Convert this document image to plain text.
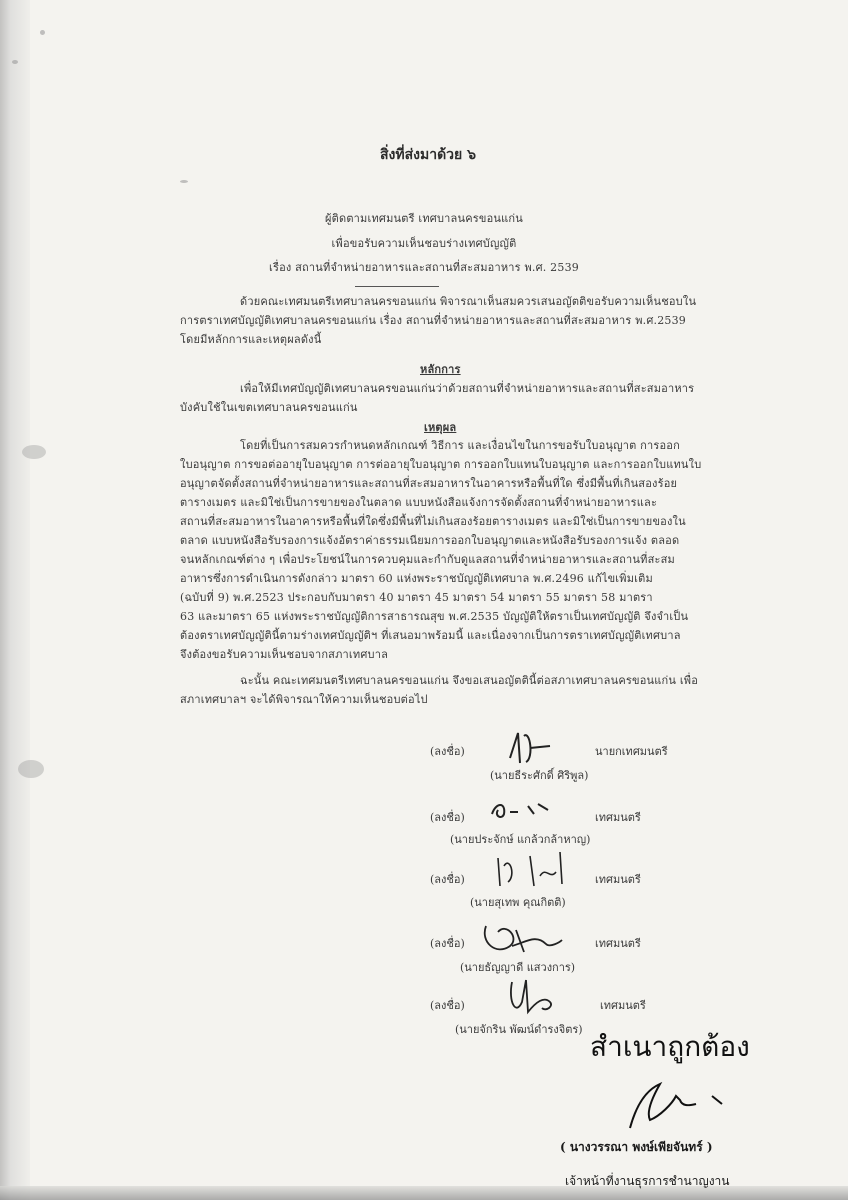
สิ่งที่ส่งมาด้วย ๖
ผู้ติดตามเทศมนตรี เทศบาลนครขอนแก่น
เพื่อขอรับความเห็นชอบร่างเทศบัญญัติ
เรื่อง สถานที่จำหน่ายอาหารและสถานที่สะสมอาหาร พ.ศ. 2539
ด้วยคณะเทศมนตรีเทศบาลนครขอนแก่น พิจารณาเห็นสมควรเสนอญัตติขอรับความเห็นชอบใน
การตราเทศบัญญัติเทศบาลนครขอนแก่น เรื่อง สถานที่จำหน่ายอาหารและสถานที่สะสมอาหาร พ.ศ.2539
โดยมีหลักการและเหตุผลดังนี้
หลักการ
เพื่อให้มีเทศบัญญัติเทศบาลนครขอนแก่นว่าด้วยสถานที่จำหน่ายอาหารและสถานที่สะสมอาหาร
บังคับใช้ในเขตเทศบาลนครขอนแก่น
เหตุผล
โดยที่เป็นการสมควรกำหนดหลักเกณฑ์ วิธีการ และเงื่อนไขในการขอรับใบอนุญาต การออก
ใบอนุญาต การขอต่ออายุใบอนุญาต การต่ออายุใบอนุญาต การออกใบแทนใบอนุญาต และการออกใบแทนใบ
อนุญาตจัดตั้งสถานที่จำหน่ายอาหารและสถานที่สะสมอาหารในอาคารหรือพื้นที่ใด ซึ่งมีพื้นที่เกินสองร้อย
ตารางเมตร และมิใช่เป็นการขายของในตลาด แบบหนังสือแจ้งการจัดตั้งสถานที่จำหน่ายอาหารและ
สถานที่สะสมอาหารในอาคารหรือพื้นที่ใดซึ่งมีพื้นที่ไม่เกินสองร้อยตารางเมตร และมิใช่เป็นการขายของใน
ตลาด แบบหนังสือรับรองการแจ้งอัตราค่าธรรมเนียมการออกใบอนุญาตและหนังสือรับรองการแจ้ง ตลอด
จนหลักเกณฑ์ต่าง ๆ เพื่อประโยชน์ในการควบคุมและกำกับดูแลสถานที่จำหน่ายอาหารและสถานที่สะสม
อาหารซึ่งการดำเนินการดังกล่าว มาตรา 60 แห่งพระราชบัญญัติเทศบาล พ.ศ.2496 แก้ไขเพิ่มเติม
(ฉบับที่ 9) พ.ศ.2523 ประกอบกับมาตรา 40 มาตรา 45 มาตรา 54 มาตรา 55 มาตรา 58 มาตรา
63 และมาตรา 65 แห่งพระราชบัญญัติการสาธารณสุข พ.ศ.2535 บัญญัติให้ตราเป็นเทศบัญญัติ จึงจำเป็น
ต้องตราเทศบัญญัตินี้ตามร่างเทศบัญญัติฯ ที่เสนอมาพร้อมนี้ และเนื่องจากเป็นการตราเทศบัญญัติเทศบาล
จึงต้องขอรับความเห็นชอบจากสภาเทศบาล
ฉะนั้น คณะเทศมนตรีเทศบาลนครขอนแก่น จึงขอเสนอญัตตินี้ต่อสภาเทศบาลนครขอนแก่น เพื่อ
สภาเทศบาลฯ จะได้พิจารณาให้ความเห็นชอบต่อไป
(ลงชื่อ)	นายกเทศมนตรี
(นายธีระศักดิ์ ศิริพูล)
(ลงชื่อ)	เทศมนตรี
(นายประจักษ์ แกล้วกล้าหาญ)
(ลงชื่อ)	เทศมนตรี
(นายสุเทพ คุณกิตติ)
(ลงชื่อ)	เทศมนตรี
(นายธัญญาดี แสวงการ)
(ลงชื่อ)	เทศมนตรี
(นายจักริน พัฒน์ดำรงจิตร)
สำเนาถูกต้อง
( นางวรรณา พงษ์เพียจันทร์ )
เจ้าหน้าที่งานธุรการชำนาญงาน
